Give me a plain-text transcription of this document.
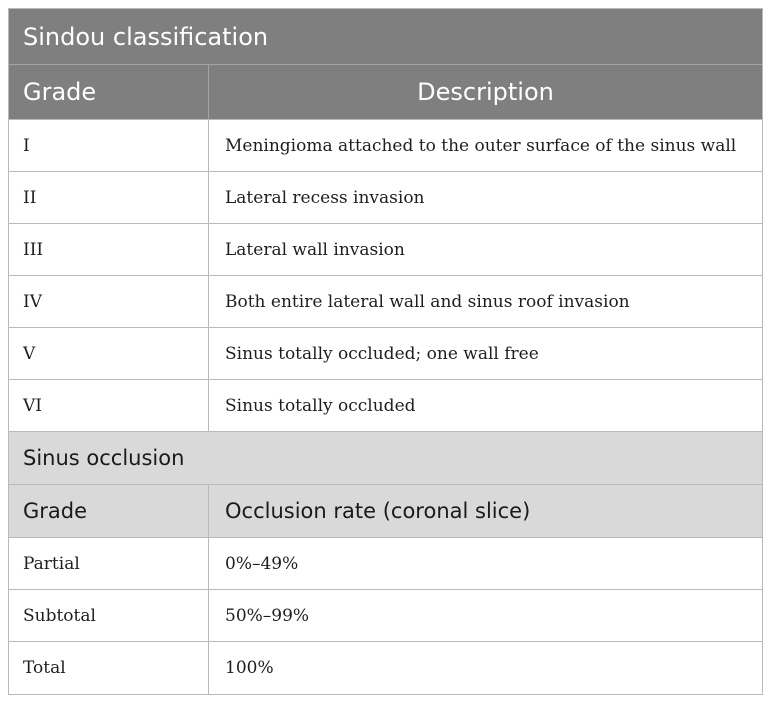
Sindou classification
Grade	Description
I	Meningioma attached to the outer surface of the sinus wall
II	Lateral recess invasion
III	Lateral wall invasion
IV	Both entire lateral wall and sinus roof invasion
V	Sinus totally occluded; one wall free
VI	Sinus totally occluded
Sinus occlusion
Grade	Occlusion rate (coronal slice)
Partial	0%–49%
Subtotal	50%–99%
Total	100%
